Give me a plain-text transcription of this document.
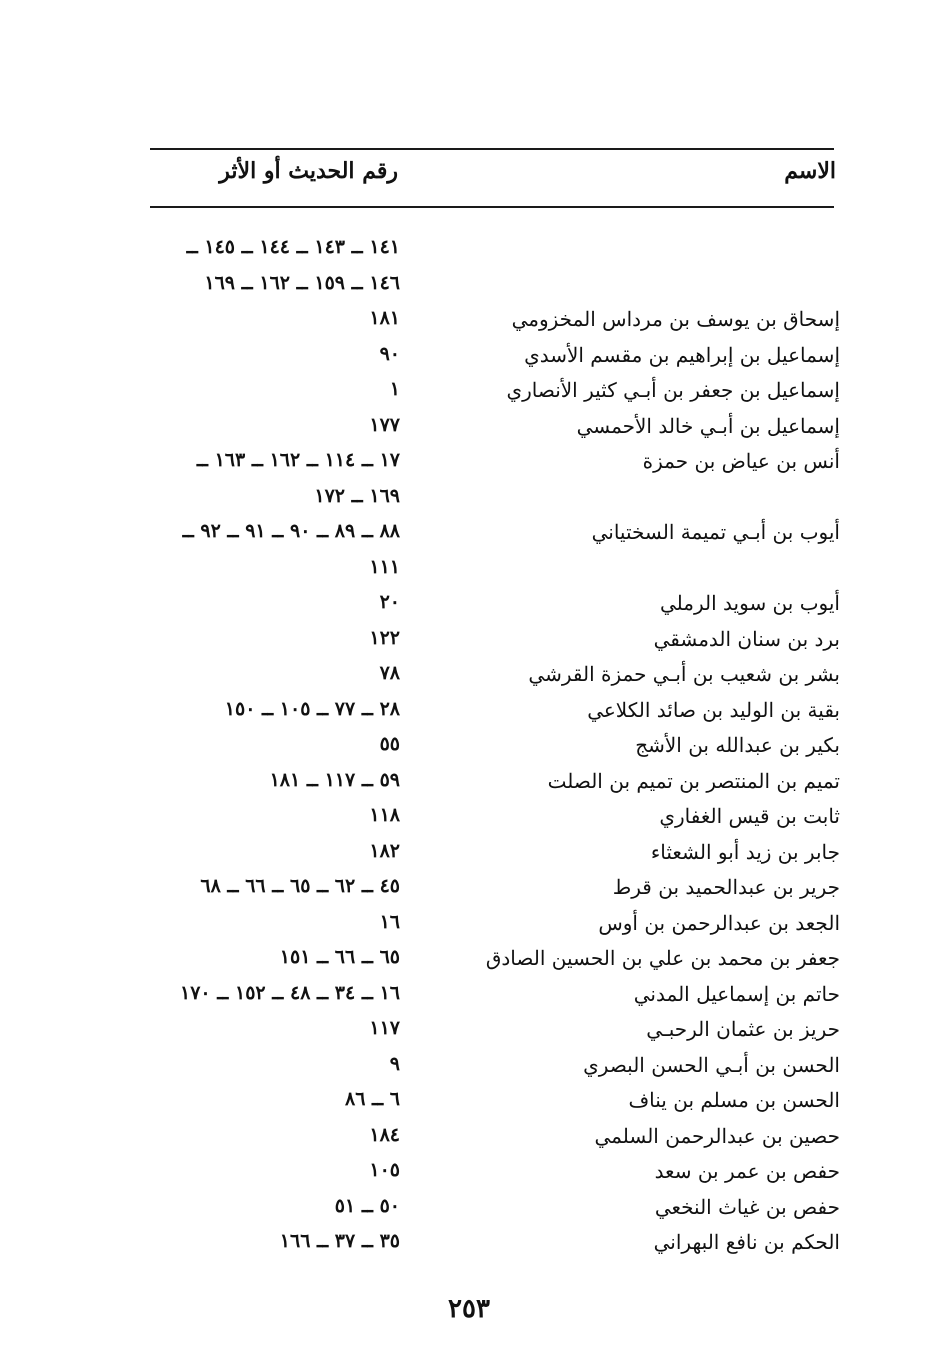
الاسم
رقم الحديث أو الأثر
١٤١ ــ ١٤٣ ــ ١٤٤ ــ ١٤٥ ــ
١٤٦ ــ ١٥٩ ــ ١٦٢ ــ ١٦٩
إسحاق بن يوسف بن مرداس المخزومي
١٨١
إسماعيل بن إبراهيم بن مقسم الأسدي
٩٠
إسماعيل بن جعفر بن أبـي كثير الأنصاري
١
إسماعيل بن أبـي خالد الأحمسي
١٧٧
أنس بن عياض بن حمزة
١٧ ــ ١١٤ ــ ١٦٢ ــ ١٦٣ ــ
١٦٩ ــ ١٧٢
أيوب بن أبـي تميمة السختياني
٨٨ ــ ٨٩ ــ ٩٠ ــ ٩١ ــ ٩٢ ــ
١١١
أيوب بن سويد الرملي
٢٠
برد بن سنان الدمشقي
١٢٢
بشر بن شعيب بن أبـي حمزة القرشي
٧٨
بقية بن الوليد بن صائد الكلاعي
٢٨ ــ ٧٧ ــ ١٠٥ ــ ١٥٠
بكير بن عبدالله بن الأشج
٥٥
تميم بن المنتصر بن تميم بن الصلت
٥٩ ــ ١١٧ ــ ١٨١
ثابت بن قيس الغفاري
١١٨
جابر بن زيد أبو الشعثاء
١٨٢
جرير بن عبدالحميد بن قرط
٤٥ ــ ٦٢ ــ ٦٥ ــ ٦٦ ــ ٦٨
الجعد بن عبدالرحمن بن أوس
١٦
جعفر بن محمد بن علي بن الحسين الصادق
٦٥ ــ ٦٦ ــ ١٥١
حاتم بن إسماعيل المدني
١٦ ــ ٣٤ ــ ٤٨ ــ ١٥٢ ــ ١٧٠
حريز بن عثمان الرحبـي
١١٧
الحسن بن أبـي الحسن البصري
٩
الحسن بن مسلم بن يناف
٦ ــ ٨٦
حصين بن عبدالرحمن السلمي
١٨٤
حفص بن عمر بن سعد
١٠٥
حفص بن غياث النخعي
٥٠ ــ ٥١
الحكم بن نافع البهراني
٣٥ ــ ٣٧ ــ ١٦٦
٢٥٣
